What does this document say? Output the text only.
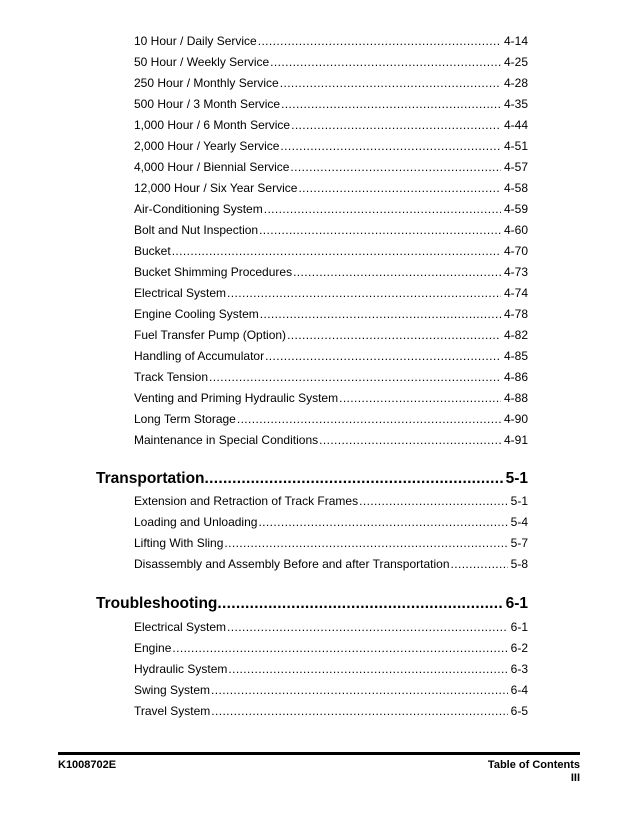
10 Hour / Daily Service .....	4-14
50 Hour / Weekly Service .....	4-25
250 Hour / Monthly Service .....	4-28
500 Hour / 3 Month Service .....	4-35
1,000 Hour / 6 Month Service .....	4-44
2,000 Hour / Yearly Service .....	4-51
4,000 Hour / Biennial Service .....	4-57
12,000 Hour / Six Year Service .....	4-58
Air-Conditioning System .....	4-59
Bolt and Nut Inspection .....	4-60
Bucket .....	4-70
Bucket Shimming Procedures .....	4-73
Electrical System .....	4-74
Engine Cooling System .....	4-78
Fuel Transfer Pump (Option) .....	4-82
Handling of Accumulator .....	4-85
Track Tension .....	4-86
Venting and Priming Hydraulic System .....	4-88
Long Term Storage .....	4-90
Maintenance in Special Conditions .....	4-91
Transportation .....	5-1
Extension and Retraction of Track Frames .....	5-1
Loading and Unloading .....	5-4
Lifting With Sling .....	5-7
Disassembly and Assembly Before and after Transportation .....	5-8
Troubleshooting .....	6-1
Electrical System .....	6-1
Engine .....	6-2
Hydraulic System .....	6-3
Swing System .....	6-4
Travel System .....	6-5
K1008702E	Table of Contents
III
